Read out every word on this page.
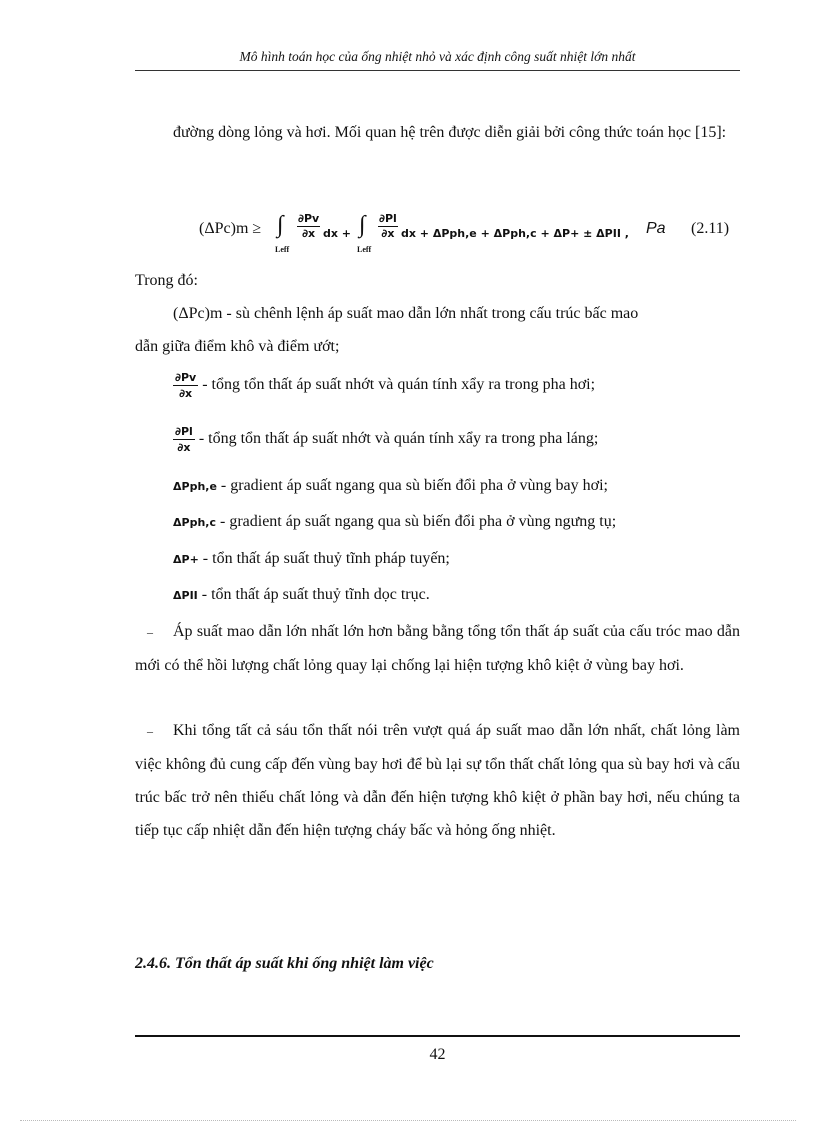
Mô hình toán học của ống nhiệt nhỏ và xác định công suất nhiệt lớn nhất
đường dòng lỏng và hơi. Mối quan hệ trên được diễn giải bởi công thức toán học [15]:
(ΔPc)m ≥ ∫
Leff
$\frac{\partial Pv}{\partial x}$ dx + ∫
Leff
$\frac{\partial Pl}{\partial x}$ dx + ΔPph,e + ΔPph,c + ΔP+ ± ΔPII , Pa (2.11)
Trong đó:
(ΔPc)m - sù chênh lệnh áp suất mao dẫn lớn nhất trong cấu trúc bấc mao
dẫn giữa điểm khô và điểm ướt;
$\frac{\partial Pv}{\partial x}$ - tổng tổn thất áp suất nhớt và quán tính xẩy ra trong pha hơi;
$\frac{\partial Pl}{\partial x}$ - tổng tổn thất áp suất nhớt và quán tính xẩy ra trong pha láng;
ΔPph,e - gradient áp suất ngang qua sù biến đổi pha ở vùng bay hơi;
ΔPph,c - gradient áp suất ngang qua sù biến đổi pha ở vùng ngưng tụ;
ΔP+ - tổn thất áp suất thuỷ tĩnh pháp tuyến;
ΔPII - tổn thất áp suất thuỷ tĩnh dọc trục.
– Áp suất mao dẫn lớn nhất lớn hơn bằng bằng tổng tổn thất áp suất của cấu tróc mao dẫn mới có thể hồi lượng chất lỏng quay lại chống lại hiện tượng khô kiệt ở vùng bay hơi.
– Khi tổng tất cả sáu tổn thất nói trên vượt quá áp suất mao dẫn lớn nhất, chất lỏng làm việc không đủ cung cấp đến vùng bay hơi để bù lại sự tổn thất chất lỏng qua sù bay hơi và cấu trúc bấc trở nên thiếu chất lỏng và dẫn đến hiện tượng khô kiệt ở phần bay hơi, nếu chúng ta tiếp tục cấp nhiệt dẫn đến hiện tượng cháy bấc và hỏng ống nhiệt.
2.4.6. Tổn thất áp suất khi ống nhiệt làm việc
42
